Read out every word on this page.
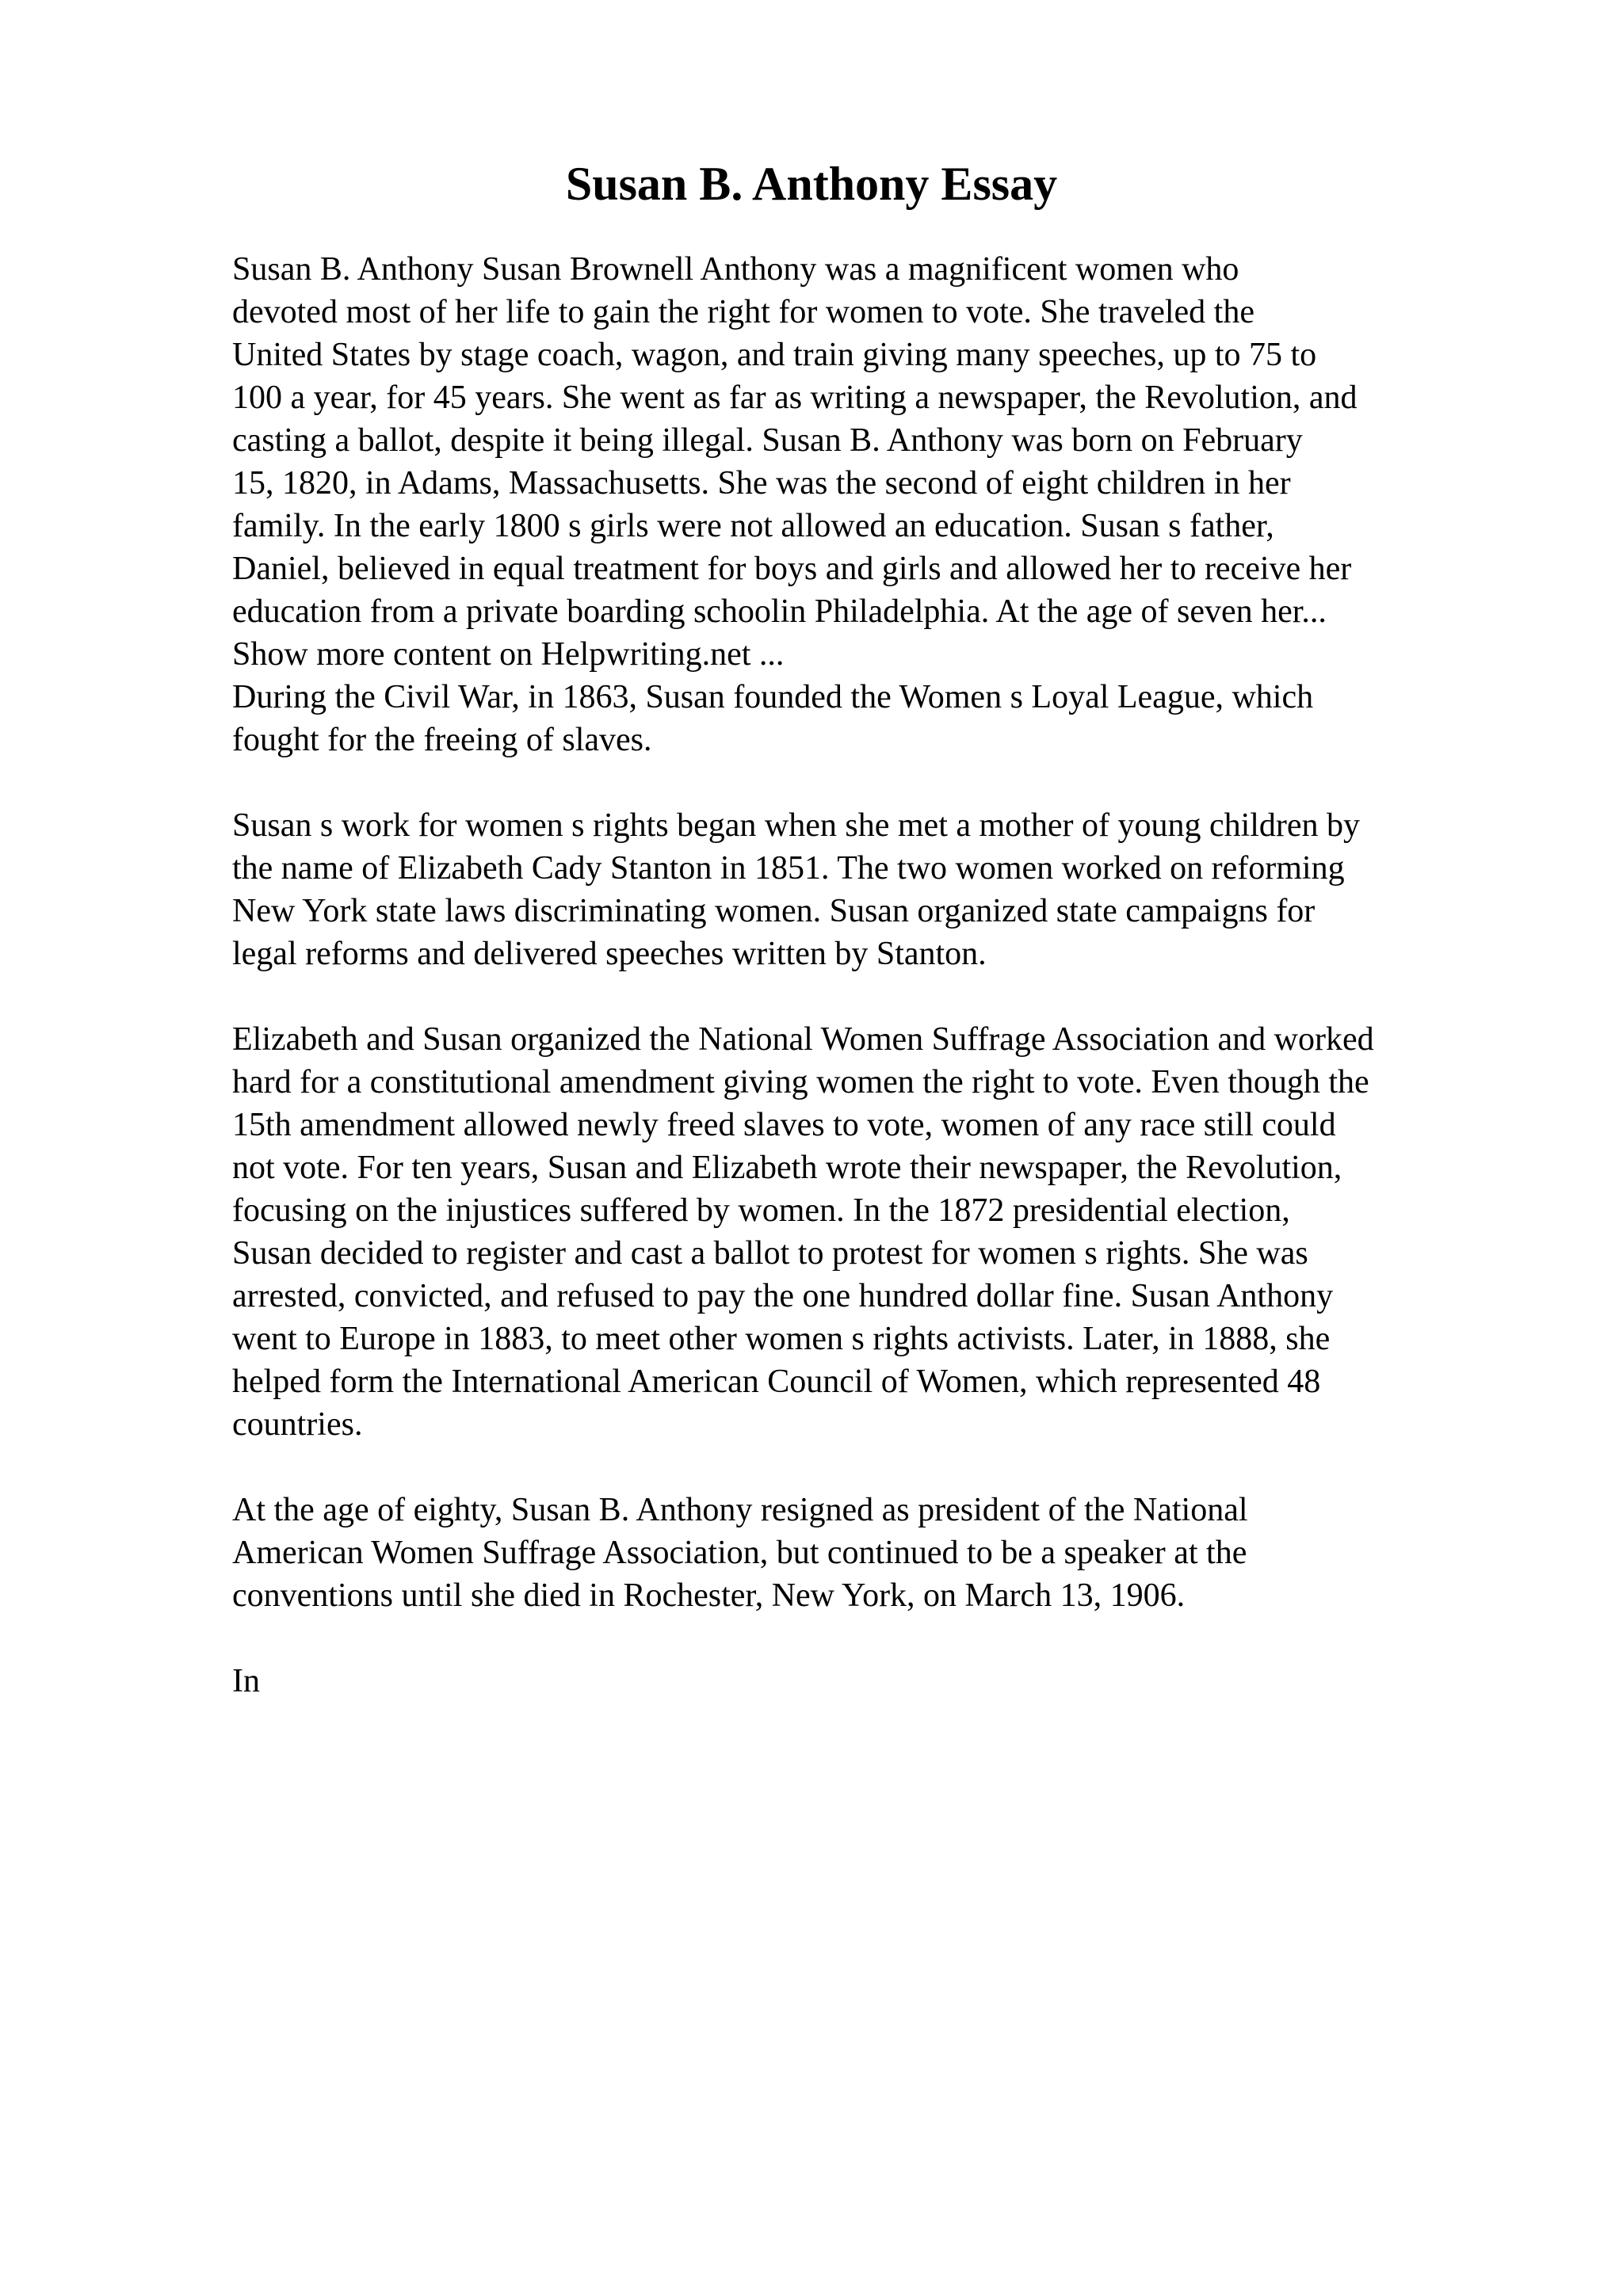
Susan B. Anthony Essay
Susan B. Anthony Susan Brownell Anthony was a magnificent women who
devoted most of her life to gain the right for women to vote. She traveled the
United States by stage coach, wagon, and train giving many speeches, up to 75 to
100 a year, for 45 years. She went as far as writing a newspaper, the Revolution, and
casting a ballot, despite it being illegal. Susan B. Anthony was born on February
15, 1820, in Adams, Massachusetts. She was the second of eight children in her
family. In the early 1800 s girls were not allowed an education. Susan s father,
Daniel, believed in equal treatment for boys and girls and allowed her to receive her
education from a private boarding schoolin Philadelphia. At the age of seven her...
Show more content on Helpwriting.net ...
During the Civil War, in 1863, Susan founded the Women s Loyal League, which
fought for the freeing of slaves.
Susan s work for women s rights began when she met a mother of young children by
the name of Elizabeth Cady Stanton in 1851. The two women worked on reforming
New York state laws discriminating women. Susan organized state campaigns for
legal reforms and delivered speeches written by Stanton.
Elizabeth and Susan organized the National Women Suffrage Association and worked
hard for a constitutional amendment giving women the right to vote. Even though the
15th amendment allowed newly freed slaves to vote, women of any race still could
not vote. For ten years, Susan and Elizabeth wrote their newspaper, the Revolution,
focusing on the injustices suffered by women. In the 1872 presidential election,
Susan decided to register and cast a ballot to protest for women s rights. She was
arrested, convicted, and refused to pay the one hundred dollar fine. Susan Anthony
went to Europe in 1883, to meet other women s rights activists. Later, in 1888, she
helped form the International American Council of Women, which represented 48
countries.
At the age of eighty, Susan B. Anthony resigned as president of the National
American Women Suffrage Association, but continued to be a speaker at the
conventions until she died in Rochester, New York, on March 13, 1906.
In
